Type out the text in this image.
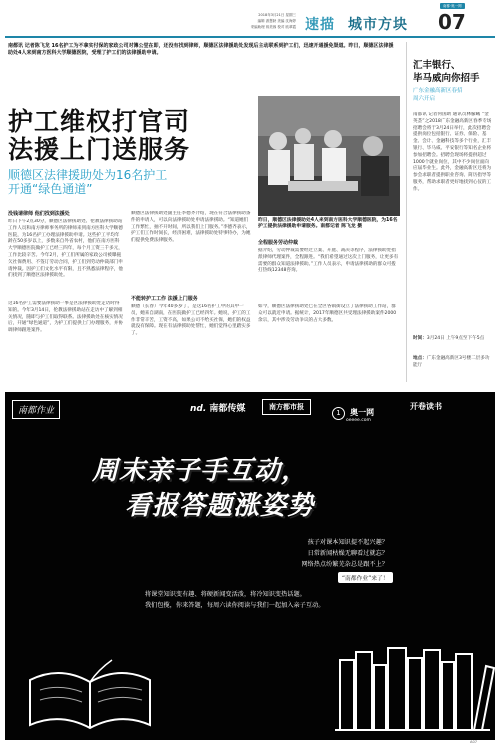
南都·奥一网
2018年3月21日 星期三
编辑 游慧龄 美编 沈海婷
采编助理 蒋美蓉 校对 欧翠霞 速描 城市方块 07
南都讯 记者陈飞龙 16名护工为不拿实付保的家政公司对簿公堂在即，还没有找到律师，顺德区法律援助处发现后主动联系到护工们，迅速开通援免渠道。昨日，顺德区法律援助处4人来到南方医科大学顺德医院，受理了护工们的法律援助申请。
护工维权打官司
法援上门送服务
顺德区法律援助处为16名护工
开通“绿色通道”
昨日，顺德区法律援助处4人来到南方医科大学顺德医院，为16名护工提供法律援助申请服务。南都记者 陈飞龙 摄
没钱请律师 他们找到法援处
昨日下午2点30分，顺德区法律援助处、伦教法律援助站工作人员和南方律师事务所的律师来到南方医科大学顺德医院，为16名护工办理法律援助申请。这些护工平均年龄在50多岁以上，多数来自外省农村，他们在南方医科大学顺德医院做护工已经三四年，每个月工资三千多元，工作比较辛苦。今年2月，护工们所属的家政公司被曝拖欠社保费用、不签订劳动合同，护工们到劳动仲裁部门申请仲裁。因护工们文化水平有限，且不熟悉法律程序，他们找到了顺德区法律援助处。
这16名护工需要法律援助一事是区法律援助处走访时得知的。今年3月14日，伦教法律援助站在走访中了解到相关情况，随即与护工们取得联系。法律援助处在核实情况后，开通“绿色通道”，为护工们提供上门办理服务，并协调律师跟进案件。
顺德区法律援助处副主任李德齐介绍，现在符合法律援助条件的申请人，可以向法律援助处申请法律援助。“知道她们工作繁忙，抽不开时间，所以我们上门服务。”李德齐表示，护工们工作时间长，经济困难，法律援助处特事特办，为她们提供免费法律服务。
不能转护工工作 法援上门服务
顺德（长春）今年40多岁了，是这16名护工中的其中一员，她来自湖南，在医院做护工已经四年。她说，护工的工作非常辛苦，工资不高，如果公司不给买社保，她们的权益就没有保障。现在有法律援助处帮忙，她们觉得心里踏实多了。
全程服务劳动仲裁
据介绍，劳动仲裁需要经过立案、开庭、裁决等程序，法律援助处指派律师代理案件，全程跟进。“我们希望通过这次上门服务，让更多有需要的群众知道法律援助。”工作人员表示，申请法律援助的群众可拨打热线12348咨询。
如今，顺德区法律援助处已在全区各镇街设立了法律援助工作站，群众可以就近申请。据统计，2017年顺德区共受理法律援助案件2000余宗，其中涉及劳动争议的占大多数。
汇丰银行、
毕马威向你招手
广东金融高新区春招
周六开启
南都讯 记者何国助 通讯员林朦曦 “金英荟”之2018广东金融高新区春季专场招聘会将于3月24日举行，此次招聘会提供岗位包括银行、证券、保险、基金、会计、金融科技等多个行业，汇丰银行、毕马威、平安银行等知名企业将参加招聘会。招聘会现场将提供超过1000个就业岗位，其中不少岗位面向应届毕业生。此外，金融高新区还将为参会求职者提供职业咨询、简历指导等服务，帮助求职者更好地找到心仪的工作。
时间：3月24日 上午9点至下午5点
地点：广东金融高新区3号楼二层多功能厅
南都作业	nd. 南都传媒	南方都市报
1 奥一网
oeeee.com
开卷读书
周末亲子手互动，
看报答题涨姿势
孩子对课本知识提不起兴趣？
日常新闻枯燥无聊看过就忘？
网络热点纷繁芜杂总是跟不上？
“南都作业”来了！
将课堂知识变有趣、将硬新闻变活泼，将冷知识变热话题。
我们包揽，你来答题，每周六读你阅读与我们一起加入亲子互动。
A07
